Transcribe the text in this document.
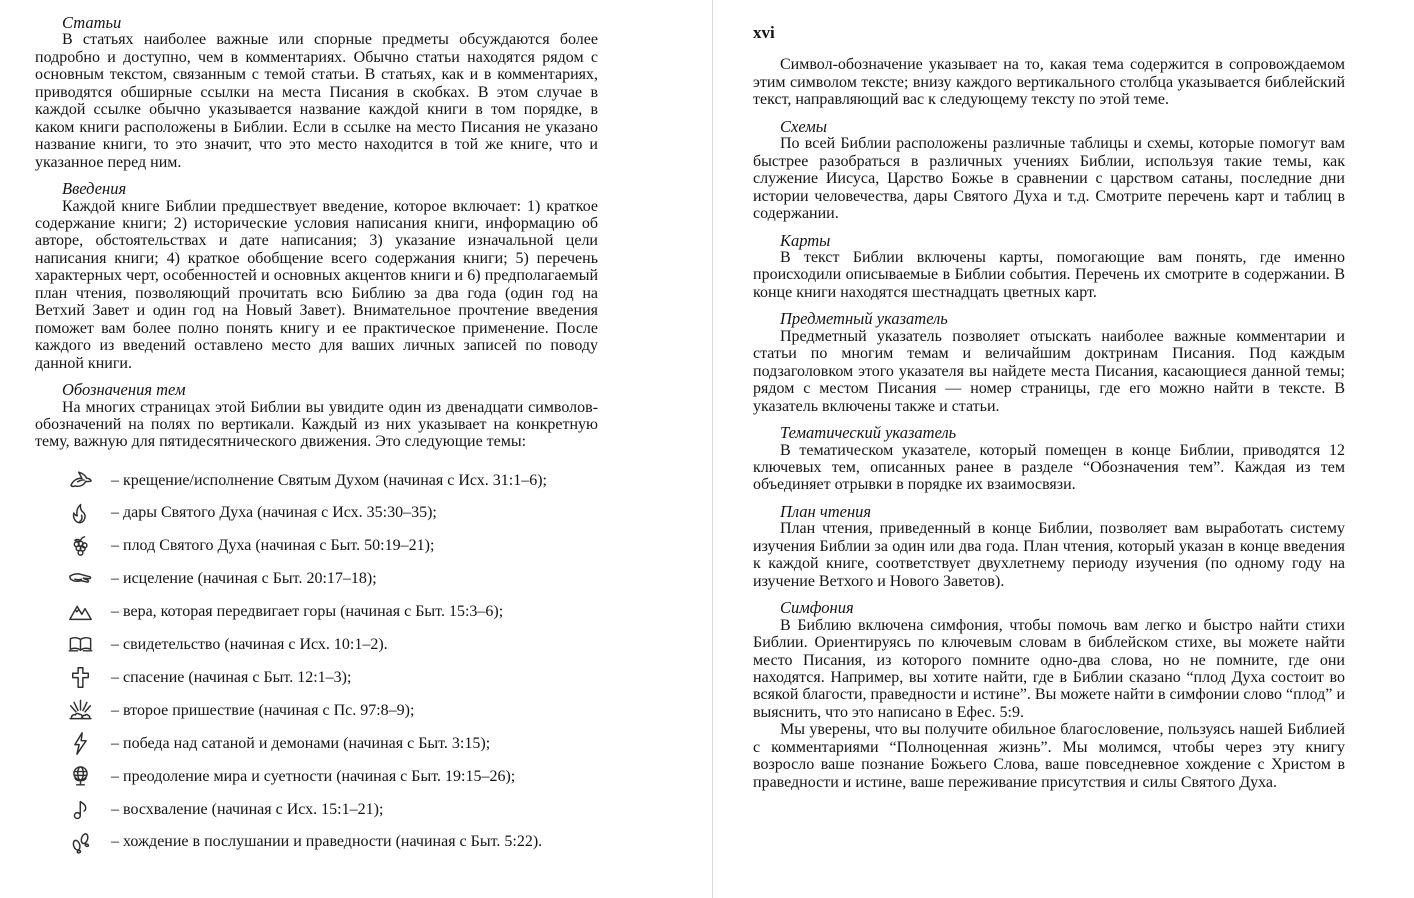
Статьи

В статьях наиболее важные или спорные предметы обсуждаются более подробно и доступно, чем в комментариях. Обычно статьи находятся рядом с основным текстом, связанным с темой статьи. В статьях, как и в комментариях, приводятся обширные ссылки на места Писания в скобках. В этом случае в каждой ссылке обычно указывается название каждой книги в том порядке, в каком книги расположены в Библии. Если в ссылке на место Писания не указано название книги, то это значит, что это место находится в той же книге, что и указанное перед ним.

Введения

Каждой книге Библии предшествует введение, которое включает: 1) краткое содержание книги; 2) исторические условия написания книги, информацию об авторе, обстоятельствах и дате написания; 3) указание изначальной цели написания книги; 4) краткое обобщение всего содержания книги; 5) перечень характерных черт, особенностей и основных акцентов книги и 6) предполагаемый план чтения, позволяющий прочитать всю Библию за два года (один год на Ветхий Завет и один год на Новый Завет). Внимательное прочтение введения поможет вам более полно понять книгу и ее практическое применение. После каждого из введений оставлено место для ваших личных записей по поводу данной книги.

Обозначения тем

На многих страницах этой Библии вы увидите один из двенадцати символов-обозначений на полях по вертикали. Каждый из них указывает на конкретную тему, важную для пятидесятнического движения. Это следующие темы:

– крещение/исполнение Святым Духом (начиная с Исх. 31:1–6);
– дары Святого Духа (начиная с Исх. 35:30–35);
– плод Святого Духа (начиная с Быт. 50:19–21);
– исцеление (начиная с Быт. 20:17–18);
– вера, которая передвигает горы (начиная с Быт. 15:3–6);
– свидетельство (начиная с Исх. 10:1–2).
– спасение (начиная с Быт. 12:1–3);
– второе пришествие (начиная с Пс. 97:8–9);
– победа над сатаной и демонами (начиная с Быт. 3:15);
– преодоление мира и суетности (начиная с Быт. 19:15–26);
– восхваление (начиная с Исх. 15:1–21);
– хождение в послушании и праведности (начиная с Быт. 5:22).
xvi

Символ-обозначение указывает на то, какая тема содержится в сопровождаемом этим символом тексте; внизу каждого вертикального столбца указывается библейский текст, направляющий вас к следующему тексту по этой теме.

Схемы

По всей Библии расположены различные таблицы и схемы, которые помогут вам быстрее разобраться в различных учениях Библии, используя такие темы, как служение Иисуса, Царство Божье в сравнении с царством сатаны, последние дни истории человечества, дары Святого Духа и т.д. Смотрите перечень карт и таблиц в содержании.

Карты

В текст Библии включены карты, помогающие вам понять, где именно происходили описываемые в Библии события. Перечень их смотрите в содержании. В конце книги находятся шестнадцать цветных карт.

Предметный указатель

Предметный указатель позволяет отыскать наиболее важные комментарии и статьи по многим темам и величайшим доктринам Писания. Под каждым подзаголовком этого указателя вы найдете места Писания, касающиеся данной темы; рядом с местом Писания — номер страницы, где его можно найти в тексте. В указатель включены также и статьи.

Тематический указатель

В тематическом указателе, который помещен в конце Библии, приводятся 12 ключевых тем, описанных ранее в разделе “Обозначения тем”. Каждая из тем объединяет отрывки в порядке их взаимосвязи.

План чтения

План чтения, приведенный в конце Библии, позволяет вам выработать систему изучения Библии за один или два года. План чтения, который указан в конце введения к каждой книге, соответствует двухлетнему периоду изучения (по одному году на изучение Ветхого и Нового Заветов).

Симфония

В Библию включена симфония, чтобы помочь вам легко и быстро найти стихи Библии. Ориентируясь по ключевым словам в библейском стихе, вы можете найти место Писания, из которого помните одно-два слова, но не помните, где они находятся. Например, вы хотите найти, где в Библии сказано “плод Духа состоит во всякой благости, праведности и истине”. Вы можете найти в симфонии слово “плод” и выяснить, что это написано в Ефес. 5:9.

Мы уверены, что вы получите обильное благословение, пользуясь нашей Библией с комментариями “Полноценная жизнь”. Мы молимся, чтобы через эту книгу возросло ваше познание Божьего Слова, ваше повседневное хождение с Христом в праведности и истине, ваше переживание присутствия и силы Святого Духа.
